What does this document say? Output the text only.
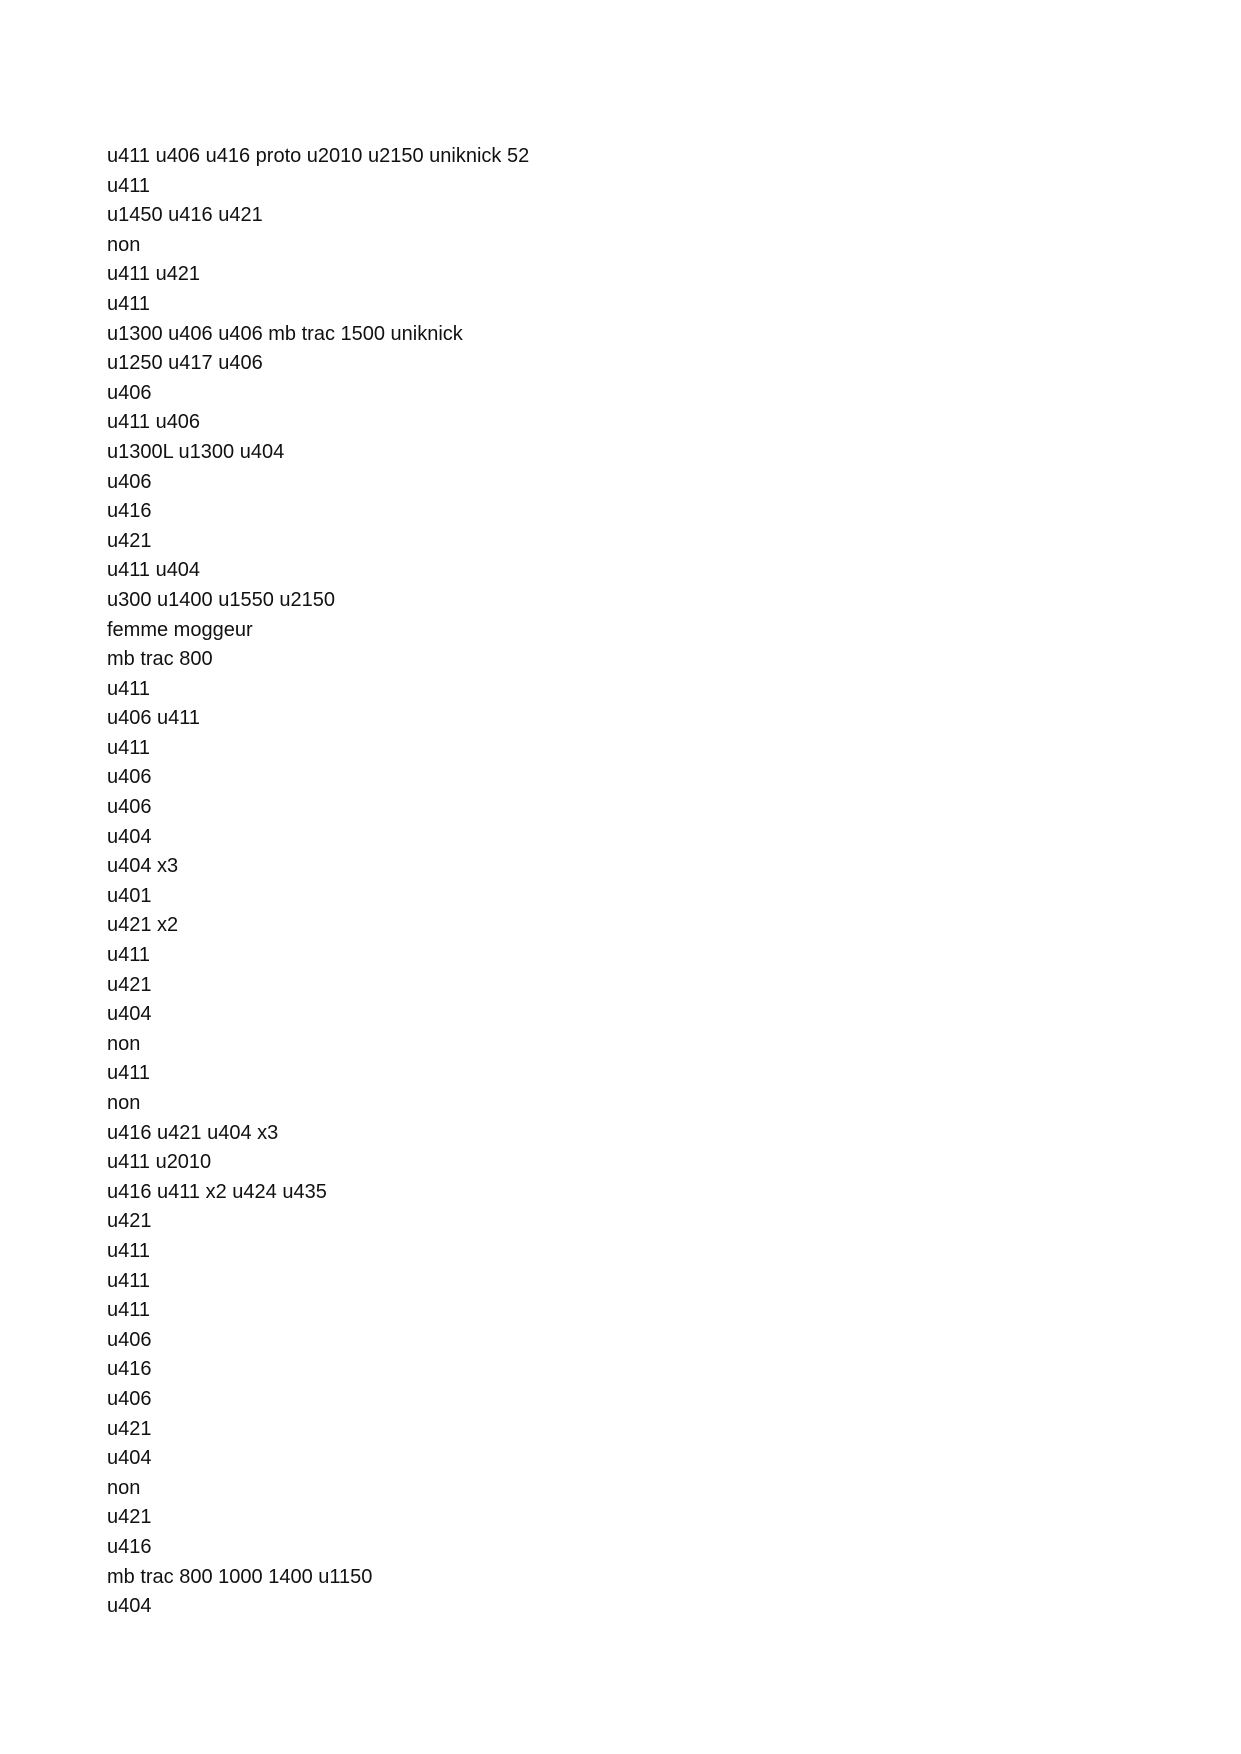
u411 u406 u416 proto u2010 u2150 uniknick 52
u411
u1450 u416 u421
non
u411 u421
u411
u1300 u406 u406 mb trac 1500 uniknick
u1250 u417 u406
u406
u411 u406
u1300L u1300 u404
u406
u416
u421
u411 u404
u300 u1400 u1550 u2150
femme moggeur
mb trac 800
u411
u406 u411
u411
u406
u406
u404
u404 x3
u401
u421 x2
u411
u421
u404
non
u411
non
u416 u421 u404 x3
u411 u2010
u416 u411 x2 u424 u435
u421
u411
u411
u411
u406
u416
u406
u421
u404
non
u421
u416
mb trac 800 1000 1400 u1150
u404
